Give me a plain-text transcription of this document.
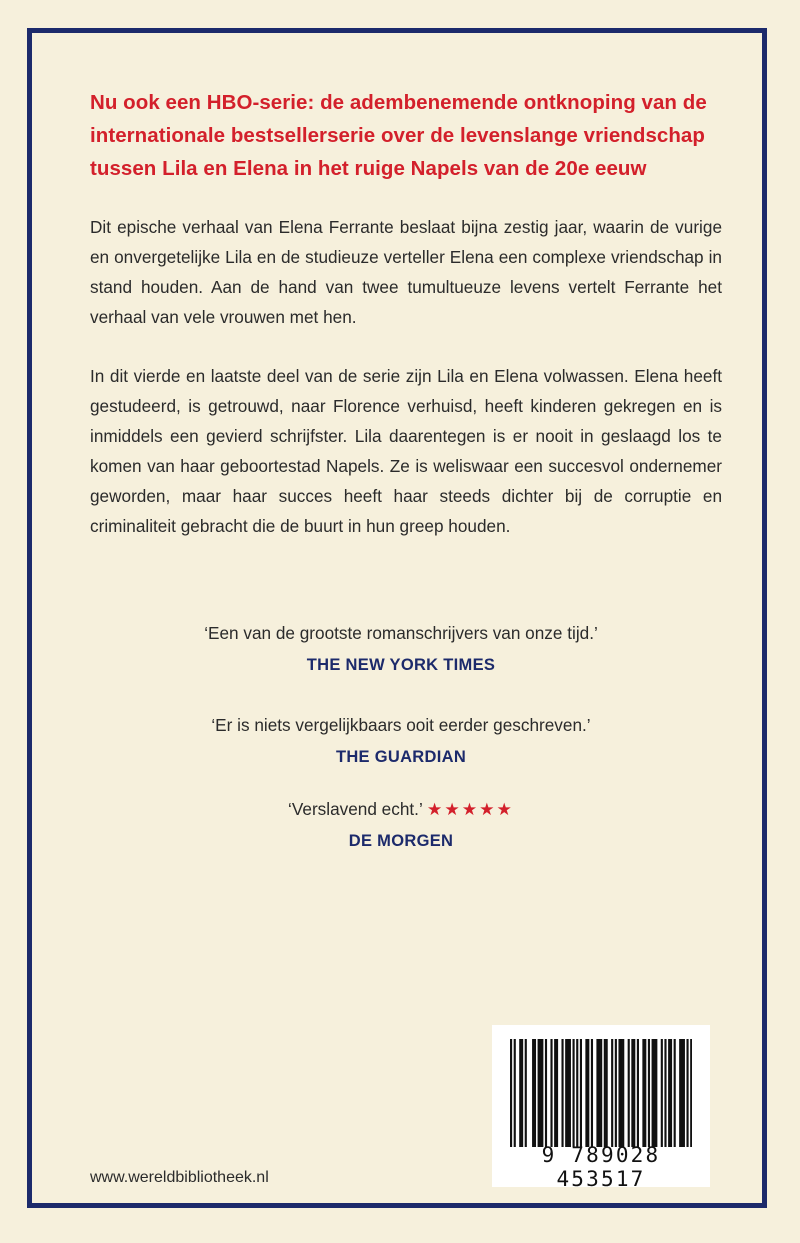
Nu ook een HBO-serie: de adembenemende ontknoping van de internationale bestsellerserie over de levenslange vriendschap tussen Lila en Elena in het ruige Napels van de 20e eeuw

Dit epische verhaal van Elena Ferrante beslaat bijna zestig jaar, waarin de vurige en onvergetelijke Lila en de studieuze verteller Elena een complexe vriendschap in stand houden. Aan de hand van twee tumultueuze levens vertelt Ferrante het verhaal van vele vrouwen met hen.

In dit vierde en laatste deel van de serie zijn Lila en Elena volwassen. Elena heeft gestudeerd, is getrouwd, naar Florence verhuisd, heeft kinderen gekregen en is inmiddels een gevierd schrijfster. Lila daarentegen is er nooit in geslaagd los te komen van haar geboortestad Napels. Ze is weliswaar een succesvol ondernemer geworden, maar haar succes heeft haar steeds dichter bij de corruptie en criminaliteit gebracht die de buurt in hun greep houden.

‘Een van de grootste romanschrijvers van onze tijd.’

THE NEW YORK TIMES

‘Er is niets vergelijkbaars ooit eerder geschreven.’

THE GUARDIAN

‘Verslavend echt.’ ★★★★★

DE MORGEN

9 789028 453517
www.wereldbibliotheek.nl
